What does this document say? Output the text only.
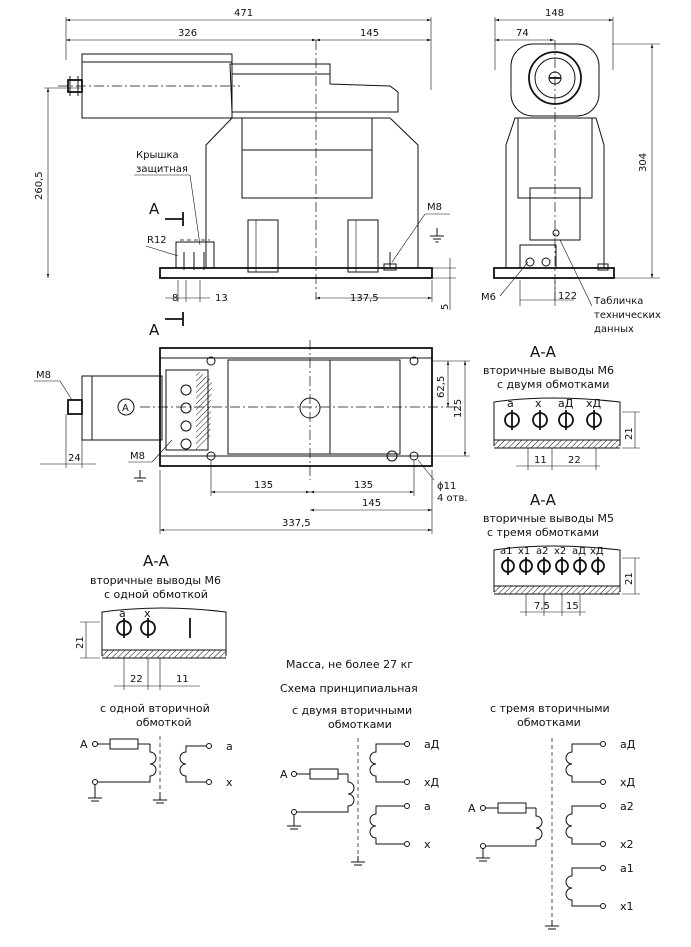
471
326	145
260,5
М8
Крышка
защитная
А
А
R12
8	13	137,5
5
148
74
304
М6	122 Табличка
технических
данных
А
М8
М8
24
62,5
125
ϕ11
4 отв.
135	135
145
337,5
А-А
вторичные выводы М6
с двумя обмотками
a x aД xД
21
11 22
А-А
вторичные выводы М5
с тремя обмотками
a1 x1 a2 x2 aД xД
21
7,5 15
А-А
вторичные выводы М6
с одной обмоткой
a x
21
22	11
Масса, не более 27 кг
Схема принципиальная
с одной вторичной
обмоткой
А	a
x
с двумя вторичными
обмотками
А
aД
xД
a
x
с тремя вторичными
обмотками
А
aД
xД
a2
x2
a1
x1
